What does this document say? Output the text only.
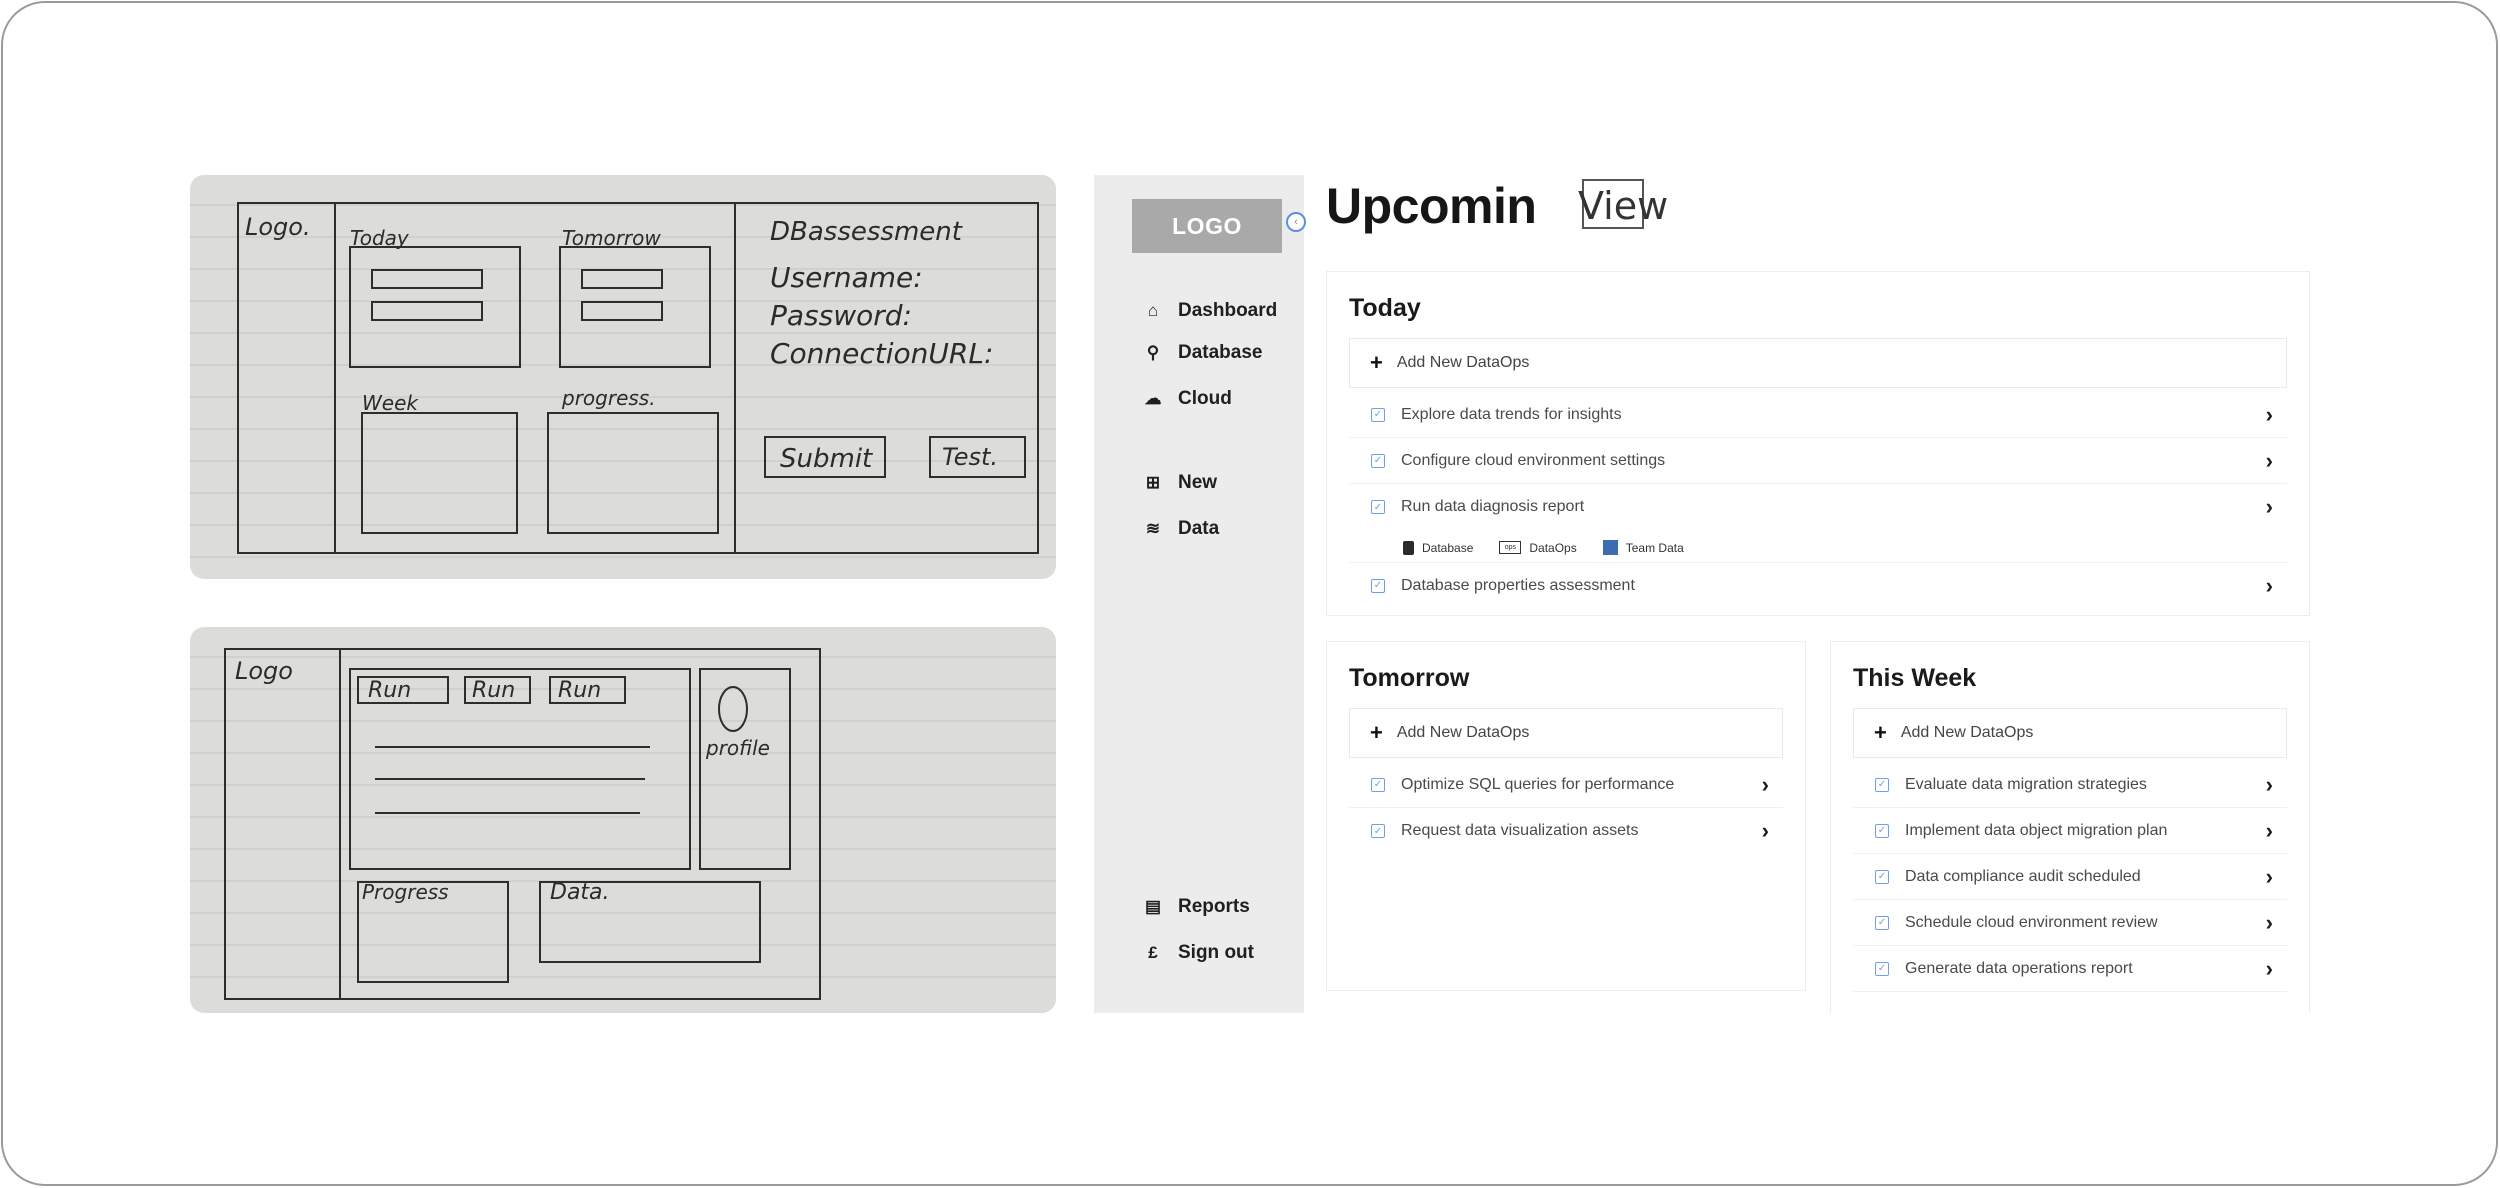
Logo. Today	Tomorrow
Week	progress.
DBassessment
Username:
Password:
ConnectionURL:
Submit	Test.
Logo
Run	Run Run
profile
Progress	Data.
LOGO	‹
⌂	Dashboard
⚲ Database
☁ Cloud
⊞ New
≋ Data
▤ Reports
£	Sign out
Upcomin View
Today
+ Add New DataOps
✓ Explore data trends for insights	›
✓ Configure cloud environment settings	›
✓ Run data diagnosis report	›
Database	ops	DataOps	Team Data
✓ Database properties assessment	›
Tomorrow
+ Add New DataOps
✓ Optimize SQL queries for performance	›
✓ Request data visualization assets	›
This Week
+ Add New DataOps
✓ Evaluate data migration strategies	›
✓ Implement data object migration plan	›
✓ Data compliance audit scheduled	›
✓ Schedule cloud environment review	›
✓ Generate data operations report	›
